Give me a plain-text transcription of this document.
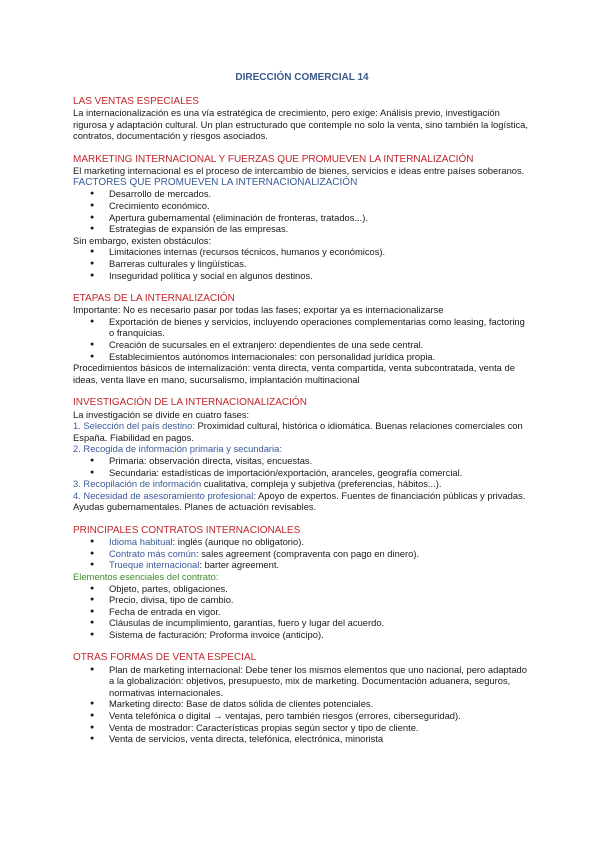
DIRECCIÓN COMERCIAL 14
LAS VENTAS ESPECIALES

La internacionalización es una vía estratégica de crecimiento, pero exige: Análisis previo, investigación rigurosa y adaptación cultural. Un plan estructurado que contemple no solo la venta, sino también la logística, contratos, documentación y riesgos asociados.

MARKETING INTERNACIONAL Y FUERZAS QUE PROMUEVEN LA INTERNALIZACIÓN

El marketing internacional es el proceso de intercambio de bienes, servicios e ideas entre países soberanos.

FACTORES QUE PROMUEVEN LA INTERNACIONALIZACIÓN
● Desarrollo de mercados.
● Crecimiento económico.
● Apertura gubernamental (eliminación de fronteras, tratados...).
● Estrategias de expansión de las empresas.

Sin embargo, existen obstáculos:

● Limitaciones internas (recursos técnicos, humanos y económicos).
● Barreras culturales y lingüísticas.
● Inseguridad política y social en algunos destinos.
ETAPAS DE LA INTERNALIZACIÓN

Importante: No es necesario pasar por todas las fases; exportar ya es internacionalizarse

● Exportación de bienes y servicios, incluyendo operaciones complementarias como leasing, factoring o franquicias.
● Creación de sucursales en el extranjero: dependientes de una sede central.
● Establecimientos autónomos internacionales: con personalidad jurídica propia.

Procedimientos básicos de internalización: venta directa, venta compartida, venta subcontratada, venta de ideas, venta llave en mano, sucursalismo, implantación multinacional

INVESTIGACIÓN DE LA INTERNACIONALIZACIÓN

La investigación se divide en cuatro fases:

1. Selección del país destino: Proximidad cultural, histórica o idiomática. Buenas relaciones comerciales con España. Fiabilidad en pagos.

2. Recogida de información primaria y secundaria:

● Primaria: observación directa, visitas, encuestas.
● Secundaria: estadísticas de importación/exportación, aranceles, geografía comercial.

3. Recopilación de información cualitativa, compleja y subjetiva (preferencias, hábitos...).

4. Necesidad de asesoramiento profesional: Apoyo de expertos. Fuentes de financiación públicas y privadas. Ayudas gubernamentales. Planes de actuación revisables.

PRINCIPALES CONTRATOS INTERNACIONALES
● Idioma habitual: inglés (aunque no obligatorio).
● Contrato más común: sales agreement (compraventa con pago en dinero).
● Trueque internacional: barter agreement.

Elementos esenciales del contrato:

● Objeto, partes, obligaciones.
● Precio, divisa, tipo de cambio.
● Fecha de entrada en vigor.
● Cláusulas de incumplimiento, garantías, fuero y lugar del acuerdo.
● Sistema de facturación: Proforma invoice (anticipo).
OTRAS FORMAS DE VENTA ESPECIAL
● Plan de marketing internacional: Debe tener los mismos elementos que uno nacional, pero adaptado a la globalización: objetivos, presupuesto, mix de marketing. Documentación aduanera, seguros, normativas internacionales.
● Marketing directo: Base de datos sólida de clientes potenciales.
● Venta telefónica o digital → ventajas, pero también riesgos (errores, ciberseguridad).
● Venta de mostrador: Características propias según sector y tipo de cliente.
● Venta de servicios, venta directa, telefónica, electrónica, minorista
